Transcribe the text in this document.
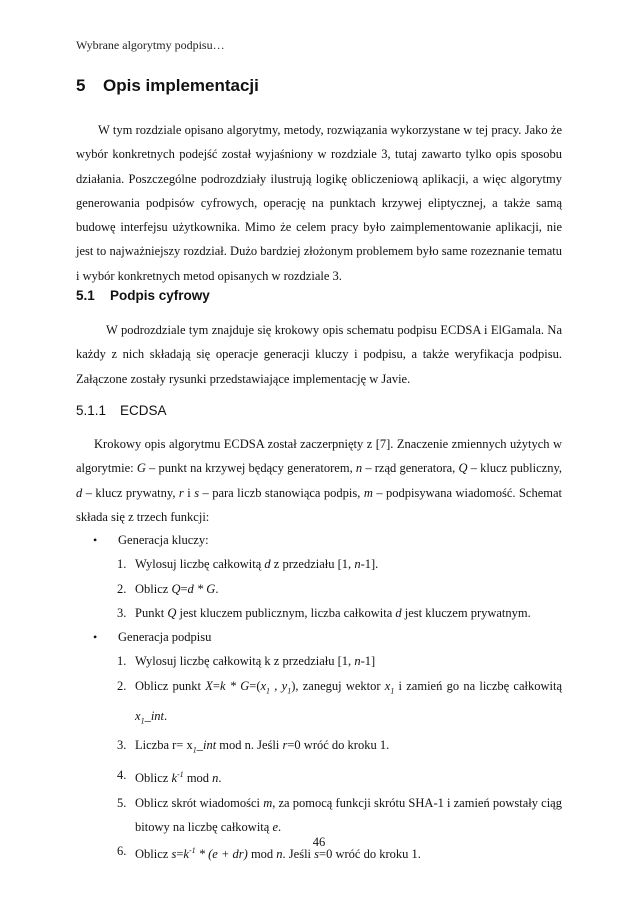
Wybrane algorytmy podpisu…
5 Opis implementacji

W tym rozdziale opisano algorytmy, metody, rozwiązania wykorzystane w tej pracy. Jako że wybór konkretnych podejść został wyjaśniony w rozdziale 3, tutaj zawarto tylko opis sposobu działania. Poszczególne podrozdziały ilustrują logikę obliczeniową aplikacji, a więc algorytmy generowania podpisów cyfrowych, operację na punktach krzywej eliptycznej, a także samą budowę interfejsu użytkownika. Mimo że celem pracy było zaimplementowanie aplikacji, nie jest to najważniejszy rozdział. Dużo bardziej złożonym problemem było same rozeznanie tematu i wybór konkretnych metod opisanych w rozdziale 3.

5.1 Podpis cyfrowy

W podrozdziale tym znajduje się krokowy opis schematu podpisu ECDSA i ElGamala. Na każdy z nich składają się operacje generacji kluczy i podpisu, a także weryfikacja podpisu. Załączone zostały rysunki przedstawiające implementację w Javie.

5.1.1 ECDSA

Krokowy opis algorytmu ECDSA został zaczerpnięty z [7]. Znaczenie zmiennych użytych w algorytmie: G – punkt na krzywej będący generatorem, n – rząd generatora, Q – klucz publiczny, d – klucz prywatny, r i s – para liczb stanowiąca podpis, m – podpisywana wiadomość. Schemat składa się z trzech funkcji:

• Generacja kluczy:
1. Wylosuj liczbę całkowitą d z przedziału [1, n-1].
2. Oblicz Q=d * G.
3. Punkt Q jest kluczem publicznym, liczba całkowita d jest kluczem prywatnym.
• Generacja podpisu
1. Wylosuj liczbę całkowitą k z przedziału [1, n-1]
2. Oblicz punkt $X=k * G=(x_1$ , $y_1$), zaneguj wektor $x_1$ i zamień go na liczbę całkowitą $x_1\_int$.
3. Liczba $r= x_1\_int$ mod n. Jeśli r=0 wróć do kroku 1.
4. Oblicz $k^{-1}$ mod n.
5. Oblicz skrót wiadomości m, za pomocą funkcji skrótu SHA-1 i zamień powstały ciąg bitowy na liczbę całkowitą e.
6. Oblicz $s=k^{-1} * (e + dr)$ mod n. Jeśli s=0 wróć do kroku 1.
46
